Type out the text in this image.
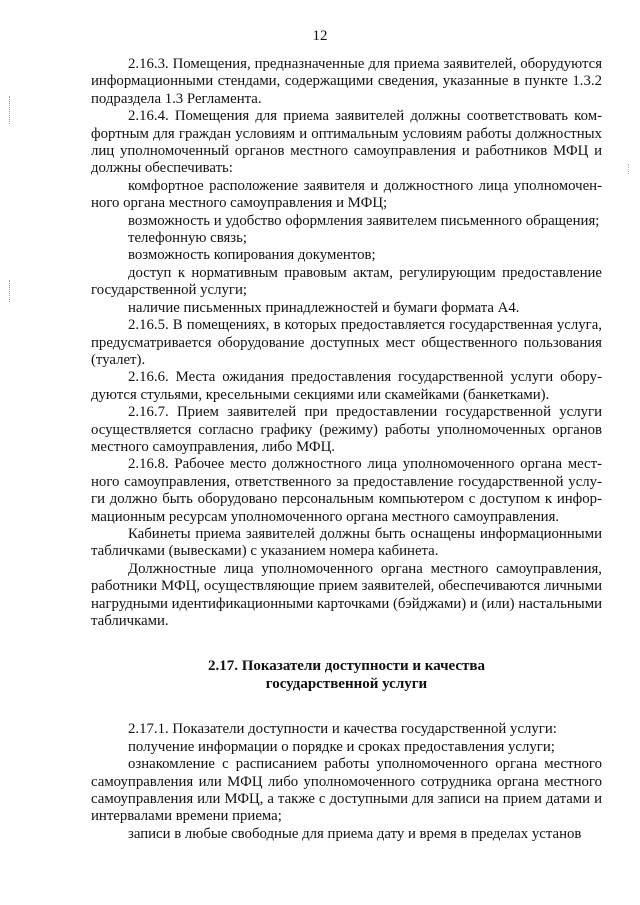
12

2.16.3. Помещения, предназначенные для приема заявителей, оборудуются информационными стендами, содержащими сведения, указанные в пункте 1.3.2 подраздела 1.3 Регламента.

2.16.4. Помещения для приема заявителей должны соответствовать комфортным для граждан условиям и оптимальным условиям работы должностных лиц уполномоченный органов местного самоуправления и работников МФЦ и должны обеспечивать:

комфортное расположение заявителя и должностного лица уполномоченного органа местного самоуправления и МФЦ;

возможность и удобство оформления заявителем письменного обращения;

телефонную связь;

возможность копирования документов;

доступ к нормативным правовым актам, регулирующим предоставление государственной услуги;

наличие письменных принадлежностей и бумаги формата А4.

2.16.5. В помещениях, в которых предоставляется государственная услуга, предусматривается оборудование доступных мест общественного пользования (туалет).

2.16.6. Места ожидания предоставления государственной услуги оборудуются стульями, кресельными секциями или скамейками (банкетками).

2.16.7. Прием заявителей при предоставлении государственной услуги осуществляется согласно графику (режиму) работы уполномоченных органов местного самоуправления, либо МФЦ.

2.16.8. Рабочее место должностного лица уполномоченного органа местного самоуправления, ответственного за предоставление государственной услуги должно быть оборудовано персональным компьютером с доступом к информационным ресурсам уполномоченного органа местного самоуправления.

Кабинеты приема заявителей должны быть оснащены информационными табличками (вывесками) с указанием номера кабинета.

Должностные лица уполномоченного органа местного самоуправления, работники МФЦ, осуществляющие прием заявителей, обеспечиваются личными нагрудными идентификационными карточками (бэйджами) и (или) настальными табличками.

2.17. Показатели доступности и качества
государственной услуги

2.17.1. Показатели доступности и качества государственной услуги:

получение информации о порядке и сроках предоставления услуги;

ознакомление с расписанием работы уполномоченного органа местного самоуправления или МФЦ либо уполномоченного сотрудника органа местного самоуправления или МФЦ, а также с доступными для записи на прием датами и интервалами времени приема;

записи в любые свободные для приема дату и время в пределах установ
